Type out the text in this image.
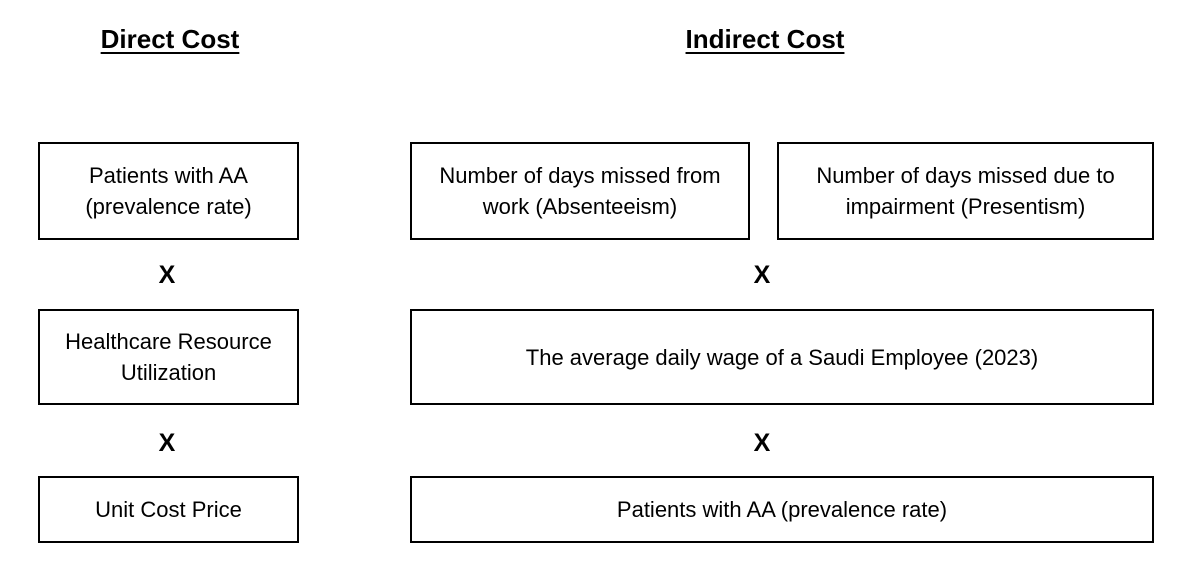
Direct Cost	Indirect Cost
Patients with AA (prevalence rate)
X
Healthcare Resource Utilization
X
Unit Cost Price
Number of days missed from work (Absenteeism)
Number of days missed due to impairment (Presentism)
X
The average daily wage of a Saudi Employee (2023)
X
Patients with AA (prevalence rate)
